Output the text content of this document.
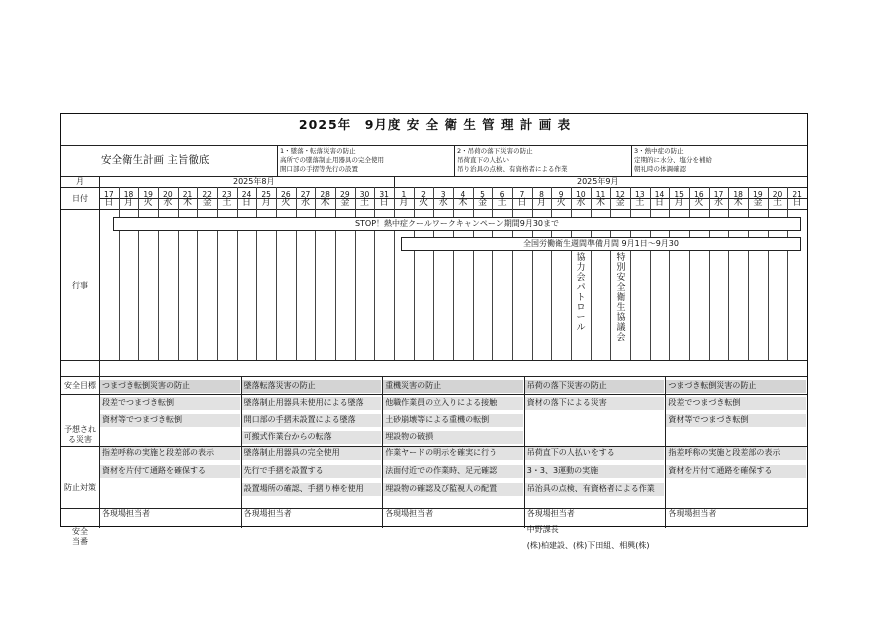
2025年　9月度 安 全 衛 生 管 理 計 画 表
安全衛生計画 主旨徹底
1・墜落・転落災害の防止
高所での墜落制止用器具の完全使用
開口部の手摺等先行の設置
2・吊荷の落下災害の防止
吊荷直下の人払い
吊り治具の点検、有資格者による作業
3・熱中症の防止
定期的に水分、塩分を補給
朝礼時の体調確認
月
日付
行事
安全目標
予想される災害
防止対策
安全当番
2025年8月	2025年9月
17
日
18
月
19
火
20
水
21
木
22
金
23
土
24
日
25
月
26
火
27
水
28
木
29
金
30
土
31
日
1
月
2
火
3
水
4
木
5
金
6
土
7
日
8
月
9
火
10
水
11
木
12
金
13
土
14
日
15
月
16
火
17
水
18
木
19
金
20
土
21
日
STOP！熱中症クールワークキャンペーン期間9月30まで
全国労働衛生週間準備月間 9月1日～9月30
協力会パトロール
特別安全衛生協議会
つまづき転倒災害の防止
段差でつまづき転倒
資材等でつまづき転倒
指差呼称の実施と段差部の表示
資材を片付て通路を確保する
各現場担当者
墜落転落災害の防止
墜落制止用器具未使用による墜落
開口部の手摺未設置による墜落
可搬式作業台からの転落
墜落制止用器具の完全使用
先行で手摺を設置する
設置場所の確認、手摺り棒を使用
各現場担当者
重機災害の防止
他職作業員の立入りによる接触
土砂崩壊等による重機の転倒
埋設物の破損
作業ヤードの明示を確実に行う
法面付近での作業時、足元確認
埋設物の確認及び監視人の配置
各現場担当者
吊荷の落下災害の防止
資材の落下による災害
吊荷直下の人払いをする
3・3、3運動の実施
吊治具の点検、有資格者による作業
各現場担当者
中野課長
(株)柏建設、(株)下田組、相興(株)
つまづき転倒災害の防止
段差でつまづき転倒
資材等でつまづき転倒
指差呼称の実施と段差部の表示
資材を片付て通路を確保する
各現場担当者
